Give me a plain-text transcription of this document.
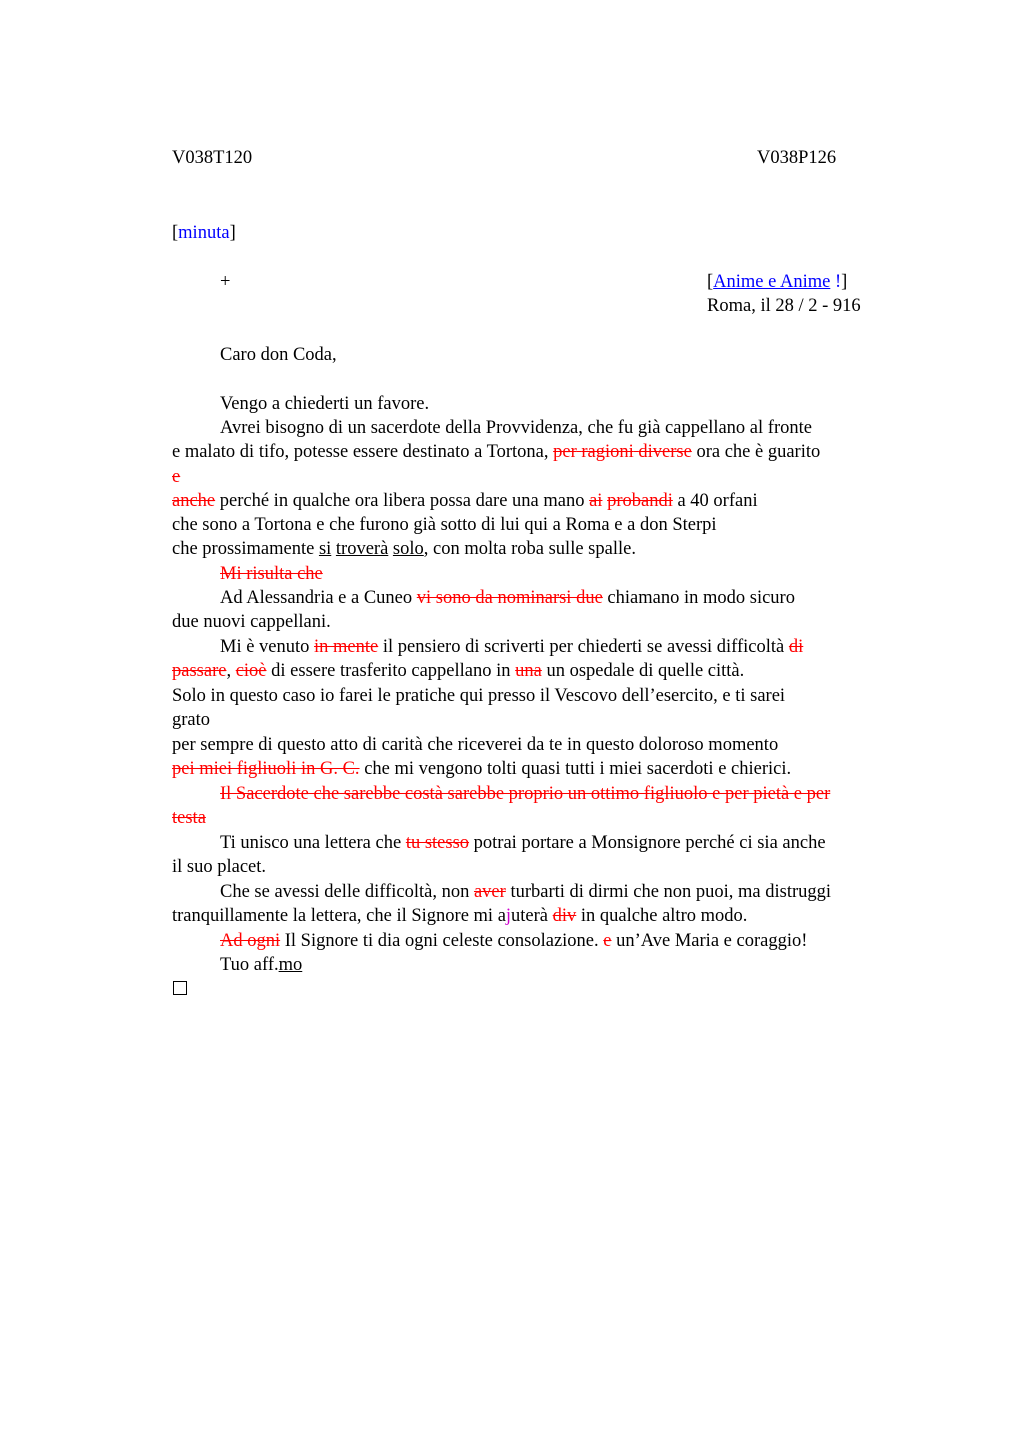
V038T120	V038P126
[minuta]
+	[Anime e Anime !]
Roma, il 28 / 2 - 916
Caro don Coda,
Vengo a chiederti un favore.
Avrei bisogno di un sacerdote della Provvidenza, che fu già cappellano al fronte
e malato di tifo, potesse essere destinato a Tortona, per ragioni diverse ora che è guarito
e
anche perché in qualche ora libera possa dare una mano ai probandi a 40 orfani
che sono a Tortona e che furono già sotto di lui qui a Roma e a don Sterpi
che prossimamente si troverà solo, con molta roba sulle spalle.
Mi risulta che
Ad Alessandria e a Cuneo vi sono da nominarsi due chiamano in modo sicuro
due nuovi cappellani.
Mi è venuto in mente il pensiero di scriverti per chiederti se avessi difficoltà di
passare, cioè di essere trasferito cappellano in una un ospedale di quelle città.
Solo in questo caso io farei le pratiche qui presso il Vescovo dell’esercito, e ti sarei
grato
per sempre di questo atto di carità che riceverei da te in questo doloroso momento
pei miei figliuoli in G. C. che mi vengono tolti quasi tutti i miei sacerdoti e chierici.
Il Sacerdote che sarebbe costà sarebbe proprio un ottimo figliuolo e per pietà e per
testa
Ti unisco una lettera che tu stesso potrai portare a Monsignore perché ci sia anche
il suo placet.
Che se avessi delle difficoltà, non aver turbarti di dirmi che non puoi, ma distruggi
tranquillamente la lettera, che il Signore mi ajuterà div in qualche altro modo.
Ad ogni Il Signore ti dia ogni celeste consolazione. e un’Ave Maria e coraggio!
Tuo aff.mo
